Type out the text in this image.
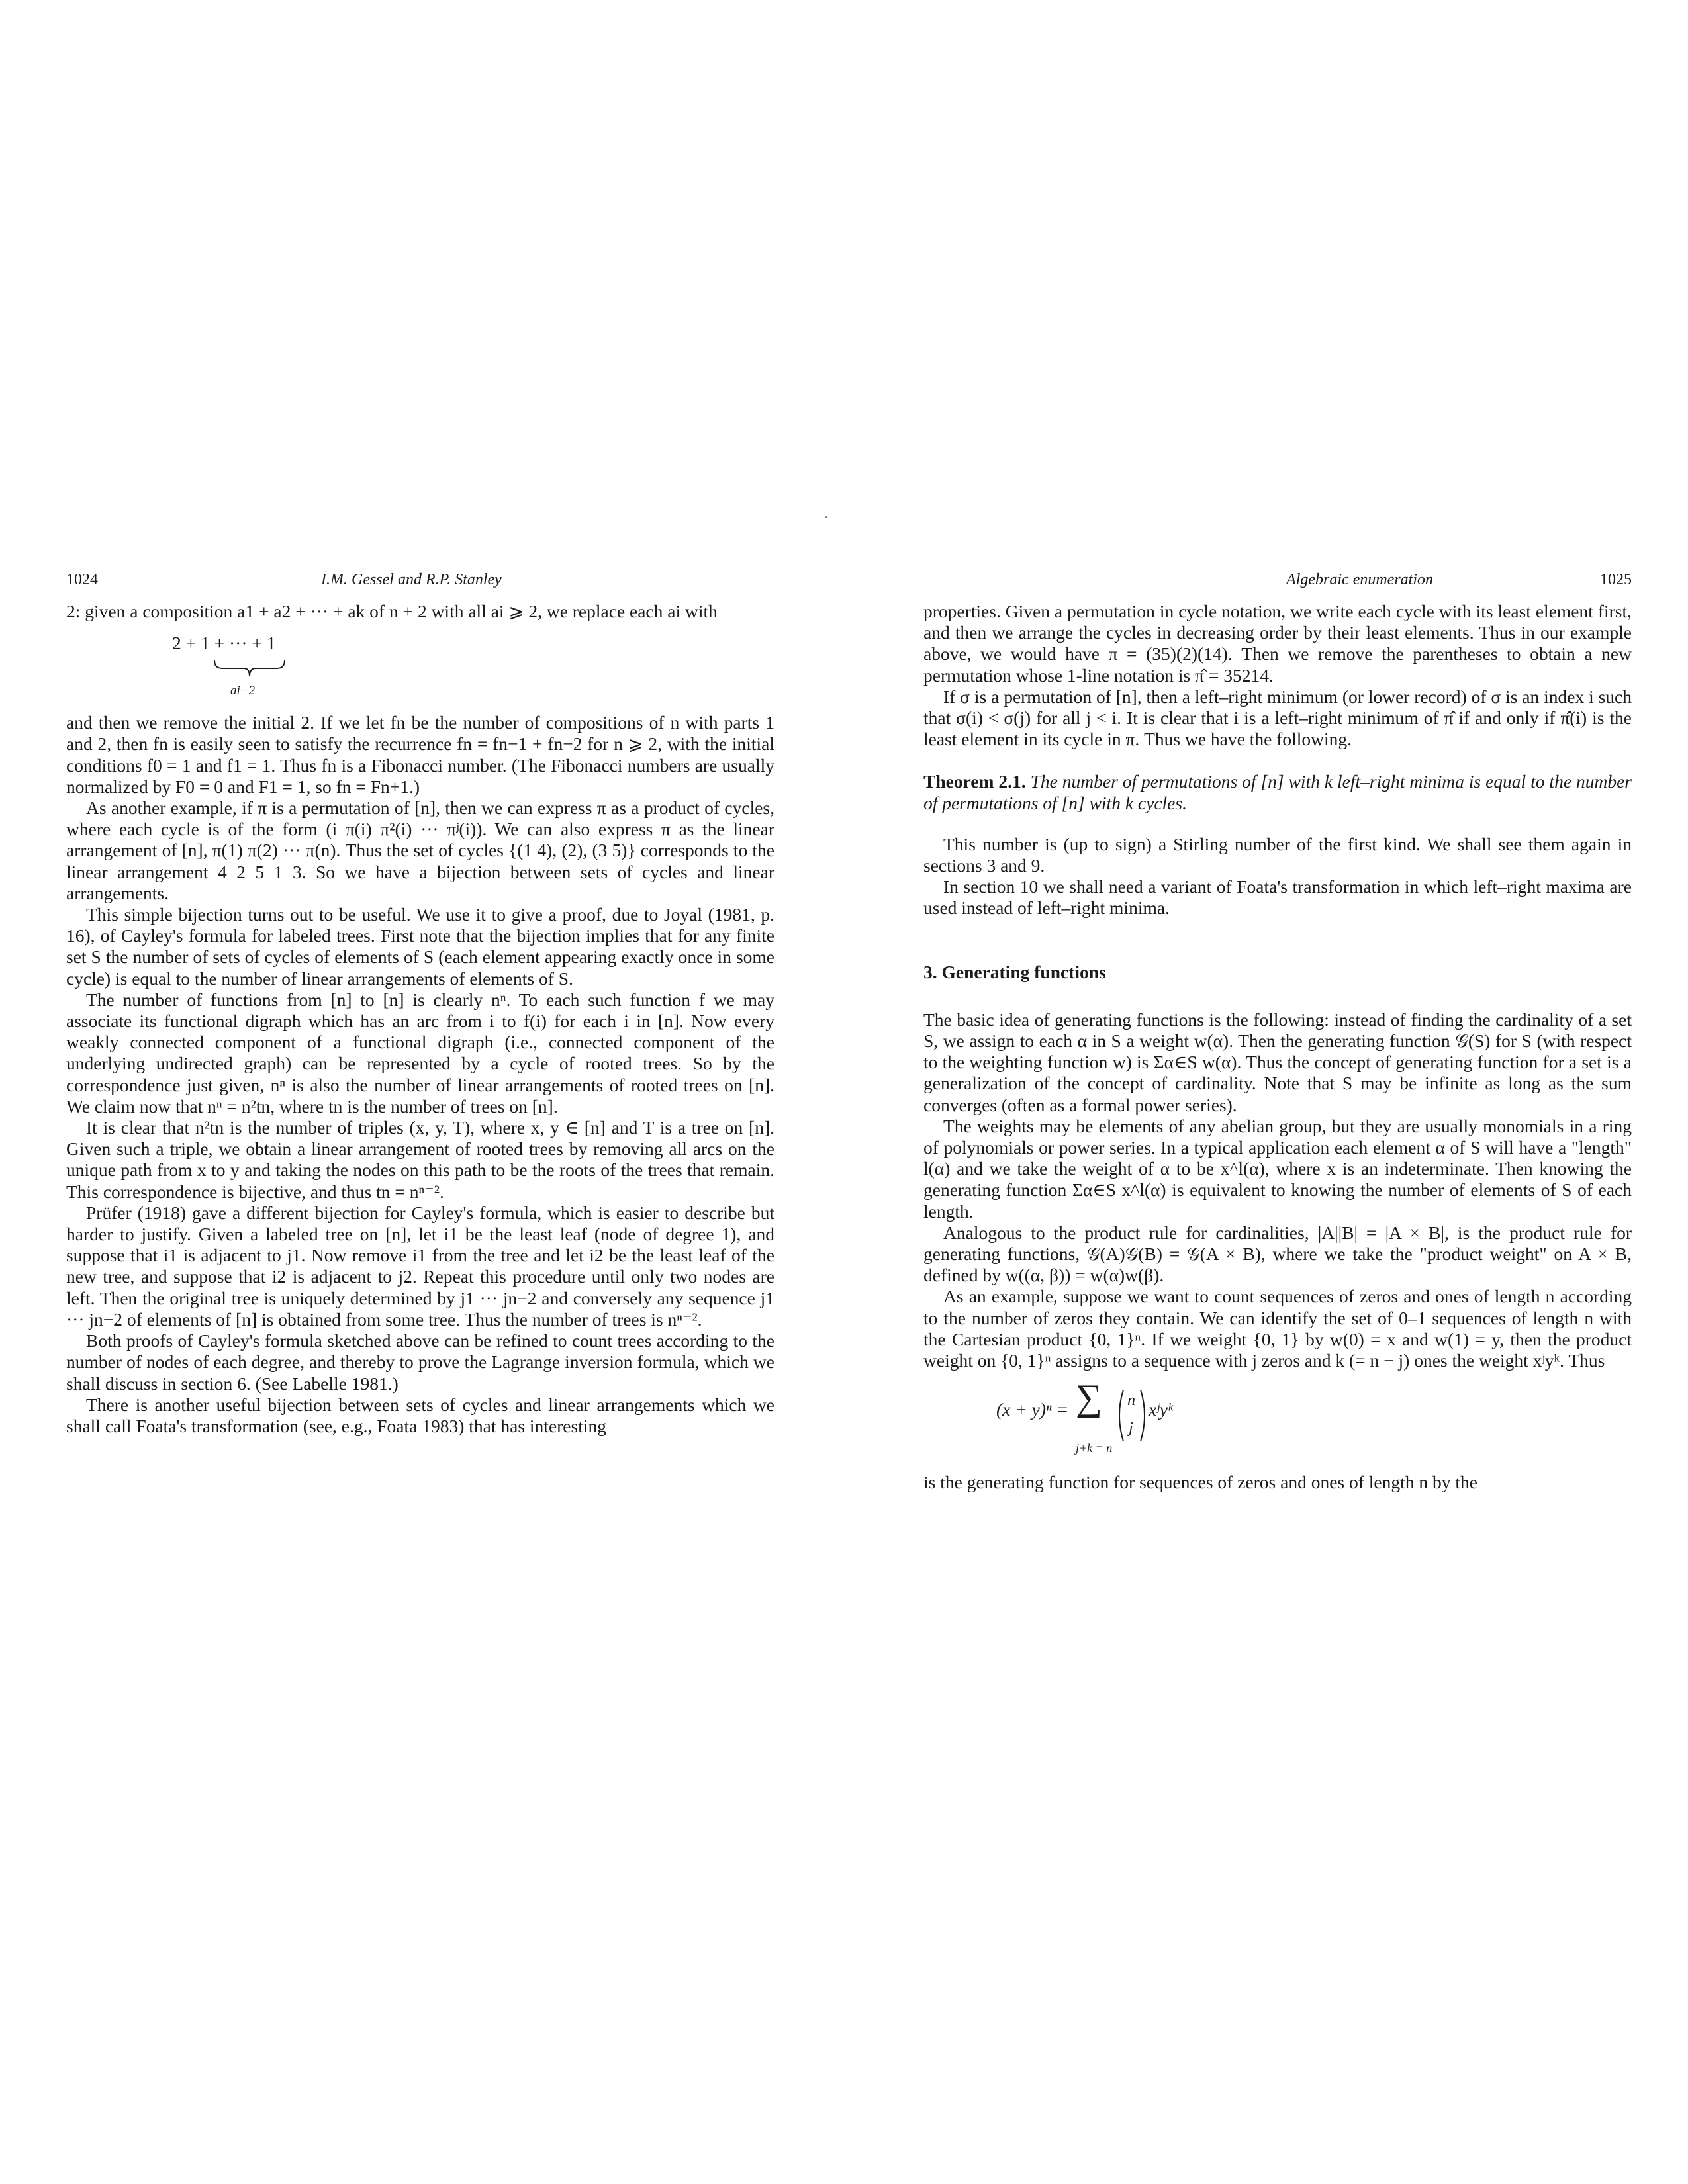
1024	I.M. Gessel and R.P. Stanley

2: given a composition a1 + a2 + ··· + ak of n + 2 with all ai ⩾ 2, we replace each ai with

2 + 1 + ··· + 1
ai−2

and then we remove the initial 2. If we let fn be the number of compositions of n with parts 1 and 2, then fn is easily seen to satisfy the recurrence fn = fn−1 + fn−2 for n ⩾ 2, with the initial conditions f0 = 1 and f1 = 1. Thus fn is a Fibonacci number. (The Fibonacci numbers are usually normalized by F0 = 0 and F1 = 1, so fn = Fn+1.)

As another example, if π is a permutation of [n], then we can express π as a product of cycles, where each cycle is of the form (i π(i) π²(i) ··· πʲ(i)). We can also express π as the linear arrangement of [n], π(1) π(2) ··· π(n). Thus the set of cycles {(1 4), (2), (3 5)} corresponds to the linear arrangement 4 2 5 1 3. So we have a bijection between sets of cycles and linear arrangements.

This simple bijection turns out to be useful. We use it to give a proof, due to Joyal (1981, p. 16), of Cayley's formula for labeled trees. First note that the bijection implies that for any finite set S the number of sets of cycles of elements of S (each element appearing exactly once in some cycle) is equal to the number of linear arrangements of elements of S.

The number of functions from [n] to [n] is clearly nⁿ. To each such function f we may associate its functional digraph which has an arc from i to f(i) for each i in [n]. Now every weakly connected component of a functional digraph (i.e., connected component of the underlying undirected graph) can be represented by a cycle of rooted trees. So by the correspondence just given, nⁿ is also the number of linear arrangements of rooted trees on [n]. We claim now that nⁿ = n²tn, where tn is the number of trees on [n].

It is clear that n²tn is the number of triples (x, y, T), where x, y ∈ [n] and T is a tree on [n]. Given such a triple, we obtain a linear arrangement of rooted trees by removing all arcs on the unique path from x to y and taking the nodes on this path to be the roots of the trees that remain. This correspondence is bijective, and thus tn = nⁿ⁻².

Prüfer (1918) gave a different bijection for Cayley's formula, which is easier to describe but harder to justify. Given a labeled tree on [n], let i1 be the least leaf (node of degree 1), and suppose that i1 is adjacent to j1. Now remove i1 from the tree and let i2 be the least leaf of the new tree, and suppose that i2 is adjacent to j2. Repeat this procedure until only two nodes are left. Then the original tree is uniquely determined by j1 ··· jn−2 and conversely any sequence j1 ··· jn−2 of elements of [n] is obtained from some tree. Thus the number of trees is nⁿ⁻².

Both proofs of Cayley's formula sketched above can be refined to count trees according to the number of nodes of each degree, and thereby to prove the Lagrange inversion formula, which we shall discuss in section 6. (See Labelle 1981.)

There is another useful bijection between sets of cycles and linear arrangements which we shall call Foata's transformation (see, e.g., Foata 1983) that has interesting

Algebraic enumeration	1025

properties. Given a permutation in cycle notation, we write each cycle with its least element first, and then we arrange the cycles in decreasing order by their least elements. Thus in our example above, we would have π = (35)(2)(14). Then we remove the parentheses to obtain a new permutation whose 1-line notation is π̂ = 35214.

If σ is a permutation of [n], then a left–right minimum (or lower record) of σ is an index i such that σ(i) < σ(j) for all j < i. It is clear that i is a left–right minimum of π̂ if and only if π̂(i) is the least element in its cycle in π. Thus we have the following.

Theorem 2.1. The number of permutations of [n] with k left–right minima is equal to the number of permutations of [n] with k cycles.

This number is (up to sign) a Stirling number of the first kind. We shall see them again in sections 3 and 9.

In section 10 we shall need a variant of Foata's transformation in which left–right maxima are used instead of left–right minima.

3. Generating functions

The basic idea of generating functions is the following: instead of finding the cardinality of a set S, we assign to each α in S a weight w(α). Then the generating function 𝒢(S) for S (with respect to the weighting function w) is Σα∈S w(α). Thus the concept of generating function for a set is a generalization of the concept of cardinality. Note that S may be infinite as long as the sum converges (often as a formal power series).

The weights may be elements of any abelian group, but they are usually monomials in a ring of polynomials or power series. In a typical application each element α of S will have a "length" l(α) and we take the weight of α to be x^l(α), where x is an indeterminate. Then knowing the generating function Σα∈S x^l(α) is equivalent to knowing the number of elements of S of each length.

Analogous to the product rule for cardinalities, |A||B| = |A × B|, is the product rule for generating functions, 𝒢(A)𝒢(B) = 𝒢(A × B), where we take the "product weight" on A × B, defined by w((α, β)) = w(α)w(β).

As an example, suppose we want to count sequences of zeros and ones of length n according to the number of zeros they contain. We can identify the set of 0–1 sequences of length n with the Cartesian product {0, 1}ⁿ. If we weight {0, 1} by w(0) = x and w(1) = y, then the product weight on {0, 1}ⁿ assigns to a sequence with j zeros and k (= n − j) ones the weight xʲyᵏ. Thus

(x + y)ⁿ = ∑
j+k = n
n
j
xʲyᵏ

is the generating function for sequences of zeros and ones of length n by the
